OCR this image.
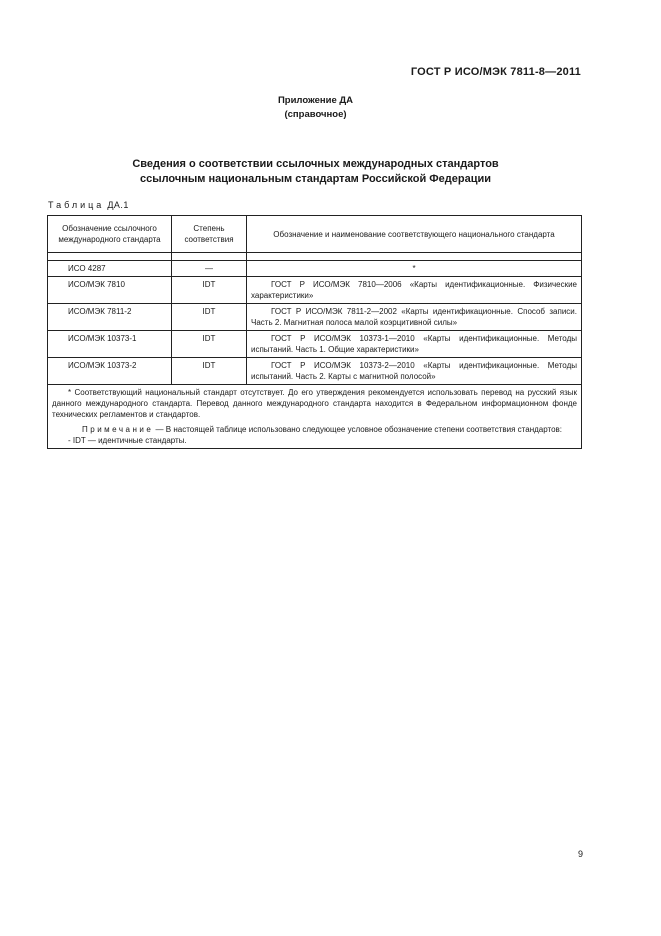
ГОСТ Р ИСО/МЭК 7811-8—2011
Приложение ДА
(справочное)
Сведения о соответствии ссылочных международных стандартов
ссылочным национальным стандартам Российской Федерации
Таблица ДА.1
Обозначение ссылочного международного стандарта	Степень соответствия	Обозначение и наименование соответствующего национального стандарта

ИСО 4287	—	*
ИСО/МЭК 7810	IDT	ГОСТ Р ИСО/МЭК 7810—2006 «Карты идентификационные. Физические характеристики»
ИСО/МЭК 7811-2	IDT	ГОСТ Р ИСО/МЭК 7811-2—2002 «Карты идентификационные. Способ записи. Часть 2. Магнитная полоса малой коэрцитивной силы»
ИСО/МЭК 10373-1	IDT	ГОСТ Р ИСО/МЭК 10373-1—2010 «Карты идентификационные. Методы испытаний. Часть 1. Общие характеристики»
ИСО/МЭК 10373-2	IDT	ГОСТ Р ИСО/МЭК 10373-2—2010 «Карты идентификационные. Методы испытаний. Часть 2. Карты с магнитной полосой»

* Соответствующий национальный стандарт отсутствует. До его утверждения рекомендуется использовать перевод на русский язык данного международного стандарта. Перевод данного международного стандарта находится в Федеральном информационном фонде технических регламентов и стандартов.

Примечание — В настоящей таблице использовано следующее условное обозначение степени соответствия стандартов:

- IDT — идентичные стандарты.		

9
